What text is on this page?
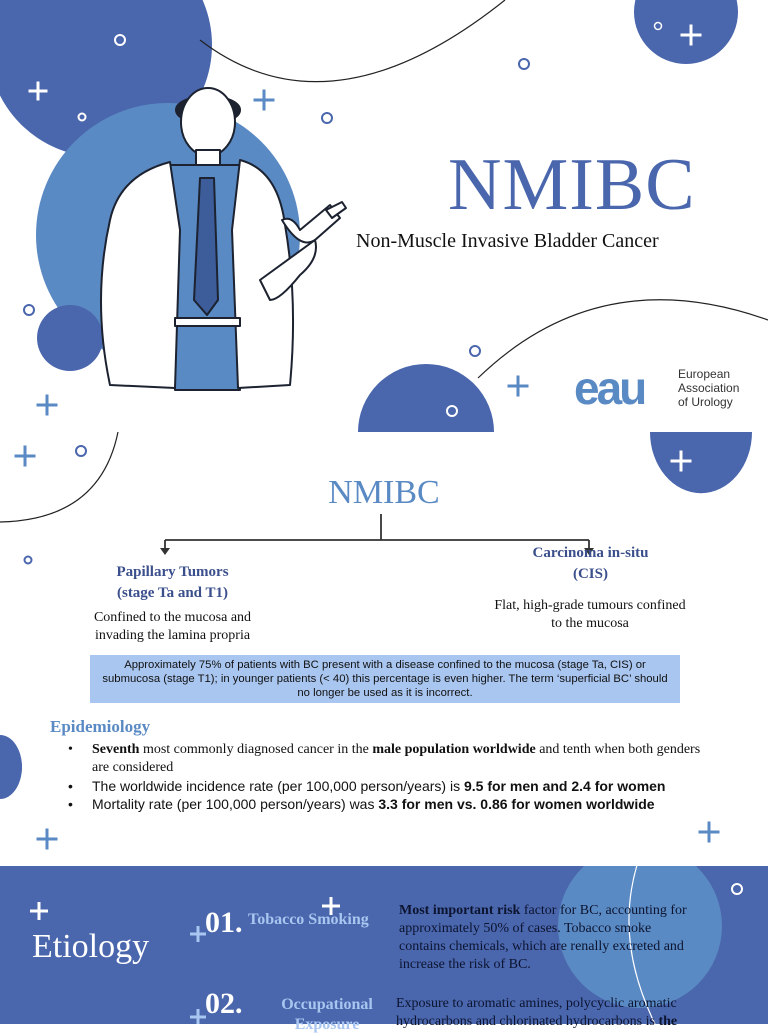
NMIBC
Non-Muscle Invasive Bladder Cancer
eau	European
Association
of Urology
NMIBC
Papillary Tumors
(stage Ta and T1)
Confined to the mucosa and
invading the lamina propria
Carcinoma in-situ
(CIS)
Flat, high-grade tumours confined
to the mucosa
Approximately 75% of patients with BC present with a disease confined to the mucosa (stage Ta, CIS) or submucosa (stage T1); in younger patients (< 40) this percentage is even higher. The term ‘superficial BC’ should no longer be used as it is incorrect.
Epidemiology
• Seventh most commonly diagnosed cancer in the male population worldwide and tenth when both genders are considered
• The worldwide incidence rate (per 100,000 person/years) is 9.5 for men and 2.4 for women
• Mortality rate (per 100,000 person/years) was 3.3 for men vs. 0.86 for women worldwide
Etiology
01. Tobacco Smoking
Most important risk factor for BC, accounting for approximately 50% of cases. Tobacco smoke contains chemicals, which are renally excreted and increase the risk of BC.
02.	Occupational
Exposure
Exposure to aromatic amines, polycyclic aromatic hydrocarbons and chlorinated hydrocarbons is the
